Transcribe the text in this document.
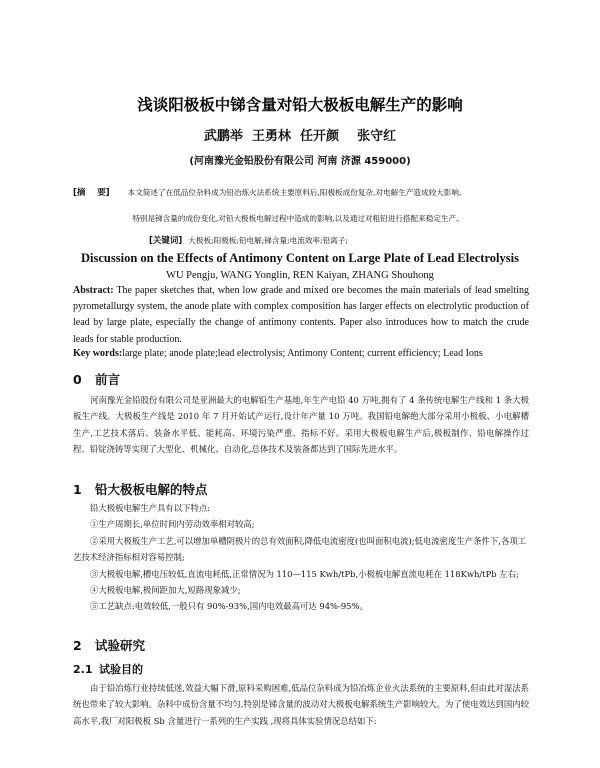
浅谈阳极板中锑含量对铅大极板电解生产的影响
武鹏举  王勇林  任开颜    张守红
(河南豫光金铅股份有限公司 河南 济源 459000)
[摘    要] 本文简述了在低品位杂料成为铅冶炼火法系统主要原料后,阳极板成份复杂,对电解生产造成较大影响,
特别是锑含量的成份变化,对铅大极板电解过程中造成的影响,以及通过对粗铅进行搭配来稳定生产。
[关键词] 大极板;阳极板;铅电解;锑含量;电流效率;铅离子;
Discussion on the Effects of Antimony Content on Large Plate of Lead Electrolysis
WU Pengju, WANG Yonglin, REN Kaiyan, ZHANG Shouhong
Abstract: The paper sketches that, when low grade and mixed ore becomes the main materials of lead smelting pyrometallurgy system, the anode plate with complex composition has larger effects on electrolytic production of lead by large plate, especially the change of antimony contents. Paper also introduces how to match the crude leads for stable production.
Key words:large plate; anode plate;lead electrolysis; Antimony Content; current efficiency; Lead Ions
0 前言
河南豫光金铅股份有限公司是亚洲最大的电解铅生产基地,年生产电铅 40 万吨,拥有了 4 条传统电解生产线和 1 条大极板生产线。大极板生产线是 2010 年 7 月开始试产运行,设计年产量 10 万吨。我国铅电解绝大部分采用小极板、小电解槽生产,工艺技术落后、装备水平低、能耗高、环境污染严重、指标不好。采用大极板电解生产后,极板制作、铅电解操作过程、铅锭浇铸等实现了大型化、机械化、自动化,总体技术及装备都达到了国际先进水平。
1 铅大极板电解的特点
铅大极板电解生产具有以下特点:
①生产周期长,单位时间内劳动效率相对较高;
②采用大极板生产工艺,可以增加单槽阴极片的总有效面积,降低电流密度(也叫面积电流);低电流密度生产条件下,各项工艺技术经济指标相对容易控制;
③大极板电解,槽电压较低,直流电耗低,正常情况为 110—115 Kwh/tPb,小极板电解直流电耗在 118Kwh/tPb 左右;
④大极板电解,极间距加大,短路现象减少;
⑤工艺缺点:电效较低,一般只有 90%-93%,国内电效最高可达 94%-95%。
2 试验研究
2.1 试验目的
由于铅冶炼行业持续低迷,效益大幅下滑,原料采购困难,低品位杂料成为铅冶炼企业火法系统的主要原料,但由此对湿法系统也带来了较大影响。杂料中成份含量不均匀,特别是锑含量的波动对大极板电解系统生产影响较大。为了使电效达到国内较高水平,我厂对阳极板 Sb 含量进行一系列的生产实践 ,现将具体实验情况总结如下:
